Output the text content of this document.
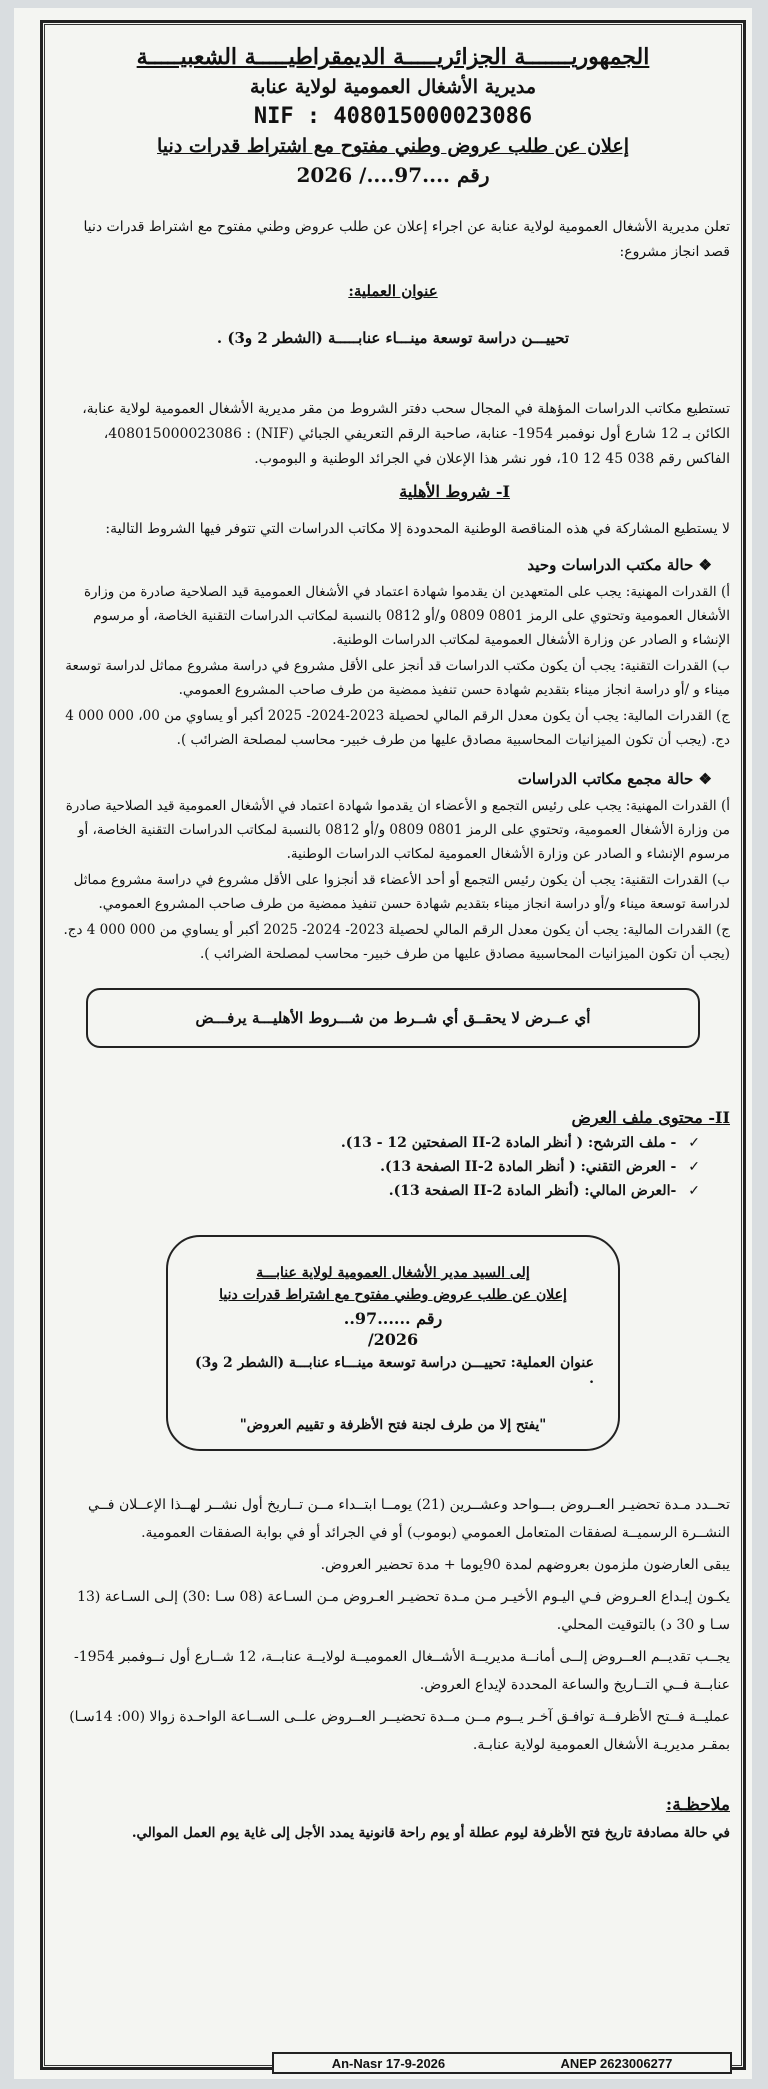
الجمهوريـــــــة الجزائريـــــة الديمقراطيـــــة الشعبيـــــة
مديرية الأشغال العمومية لولاية عنابة
NIF : 408015000023086
إعلان عن طلب عروض وطني مفتوح مع اشتراط قدرات دنيا
رقم ....97..../ 2026

تعلن مديرية الأشغال العمومية لولاية عنابة عن اجراء إعلان عن طلب عروض وطني مفتوح مع اشتراط قدرات دنيا قصد انجاز مشروع:

عنوان العملية:

تحييـــن دراسة توسعة مينـــاء عنابـــــة (الشطر 2 و3) .

تستطيع مكاتب الدراسات المؤهلة في المجال سحب دفتر الشروط من مقر مديرية الأشغال العمومية لولاية عنابة، الكائن بـ 12 شارع أول نوفمبر 1954- عنابة، صاحبة الرقم التعريفي الجبائي (NIF) : 408015000023086، الفاكس رقم 038 45 12 10، فور نشر هذا الإعلان في الجرائد الوطنية و البوموب.

I- شروط الأهلية

لا يستطيع المشاركة في هذه المناقصة الوطنية المحدودة إلا مكاتب الدراسات التي تتوفر فيها الشروط التالية:

❖ حالة مكتب الدراسات وحيد
أ) القدرات المهنية: يجب على المتعهدين ان يقدموا شهادة اعتماد في الأشغال العمومية قيد الصلاحية صادرة من وزارة الأشغال العمومية وتحتوي على الرمز 0801 0809 و/أو 0812 بالنسبة لمكاتب الدراسات التقنية الخاصة، أو مرسوم الإنشاء و الصادر عن وزارة الأشغال العمومية لمكاتب الدراسات الوطنية.
ب) القدرات التقنية: يجب أن يكون مكتب الدراسات قد أنجز على الأقل مشروع في دراسة مشروع مماثل لدراسة توسعة ميناء و /أو دراسة انجاز ميناء بتقديم شهادة حسن تنفيذ ممضية من طرف صاحب المشروع العمومي.
ج) القدرات المالية: يجب أن يكون معدل الرقم المالي لحصيلة 2023-2024- 2025 أكبر أو يساوي من 00، 000 000 4 دج. (يجب أن تكون الميزانيات المحاسبية مصادق عليها من طرف خبير- محاسب لمصلحة الضرائب ).
❖ حالة مجمع مكاتب الدراسات
أ) القدرات المهنية: يجب على رئيس التجمع و الأعضاء ان يقدموا شهادة اعتماد في الأشغال العمومية قيد الصلاحية صادرة من وزارة الأشغال العمومية، وتحتوي على الرمز 0801 0809 و/أو 0812 بالنسبة لمكاتب الدراسات التقنية الخاصة، أو مرسوم الإنشاء و الصادر عن وزارة الأشغال العمومية لمكاتب الدراسات الوطنية.
ب) القدرات التقنية: يجب أن يكون رئيس التجمع أو أحد الأعضاء قد أنجزوا على الأقل مشروع في دراسة مشروع مماثل لدراسة توسعة ميناء و/أو دراسة انجاز ميناء بتقديم شهادة حسن تنفيذ ممضية من طرف صاحب المشروع العمومي.
ج) القدرات المالية: يجب أن يكون معدل الرقم المالي لحصيلة 2023- 2024- 2025 أكبر أو يساوي من 000 000 4 دج. (يجب أن تكون الميزانيات المحاسبية مصادق عليها من طرف خبير- محاسب لمصلحة الضرائب ).
أي عــرض لا يحقــق أي شــرط من شـــروط الأهليـــة يرفـــض
II- محتوى ملف العرض
✓- ملف الترشح: ( أنظر المادة 2-II الصفحتين 12 - 13).
✓- العرض التقني: ( أنظر المادة 2-II الصفحة 13).
✓-العرض المالي: (أنظر المادة 2-II الصفحة 13).
إلى السيد مدير الأشغال العمومية لولاية عنابـــة
إعلان عن طلب عروض وطني مفتوح مع اشتراط قدرات دنيا
رقم ......97..
2026/
عنوان العملية: تحييـــن دراسة توسعة مينـــاء عنابـــة (الشطر 2 و3) .
"يفتح إلا من طرف لجنة فتح الأظرفة و تقييم العروض"

تحــدد مـدة تحضيـر العــروض بـــواحد وعشــرين (21) يومــا ابتــداء مــن تــاريخ أول نشــر لهــذا الإعــلان فــي النشــرة الرسميــة لصفقات المتعامل العمومي (بوموب) أو في الجرائد أو في بوابة الصفقات العمومية.

يبقى العارضون ملزمون بعروضهم لمدة 90يوما + مدة تحضير العروض.

يكـون إيـداع العـروض فـي اليـوم الأخيـر مـن مـدة تحضيـر العـروض مـن السـاعة (08 سـا :30) إلـى السـاعة (13 سـا و 30 د) بالتوقيت المحلي.

يجــب تقديــم العــروض إلــى أمانــة مديريــة الأشــغال العموميــة لولايــة عنابــة، 12 شــارع أول نــوفمبر 1954- عنابــة فــي التــاريخ والساعة المحددة لإيداع العروض.

عمليــة فــتح الأظرفــة توافـق آخـر يــوم مــن مــدة تحضيــر العــروض علــى الســاعة الواحـدة زوالا (00: 14سـا) بمقـر مديريـة الأشغال العمومية لولاية عنابـة.

ملاحظـة:

في حالة مصادفة تاريخ فتح الأظرفة ليوم عطلة أو يوم راحة قانونية يمدد الأجل إلى غاية يوم العمل الموالي.

An-Nasr 17-9-2026	ANEP 2623006277
